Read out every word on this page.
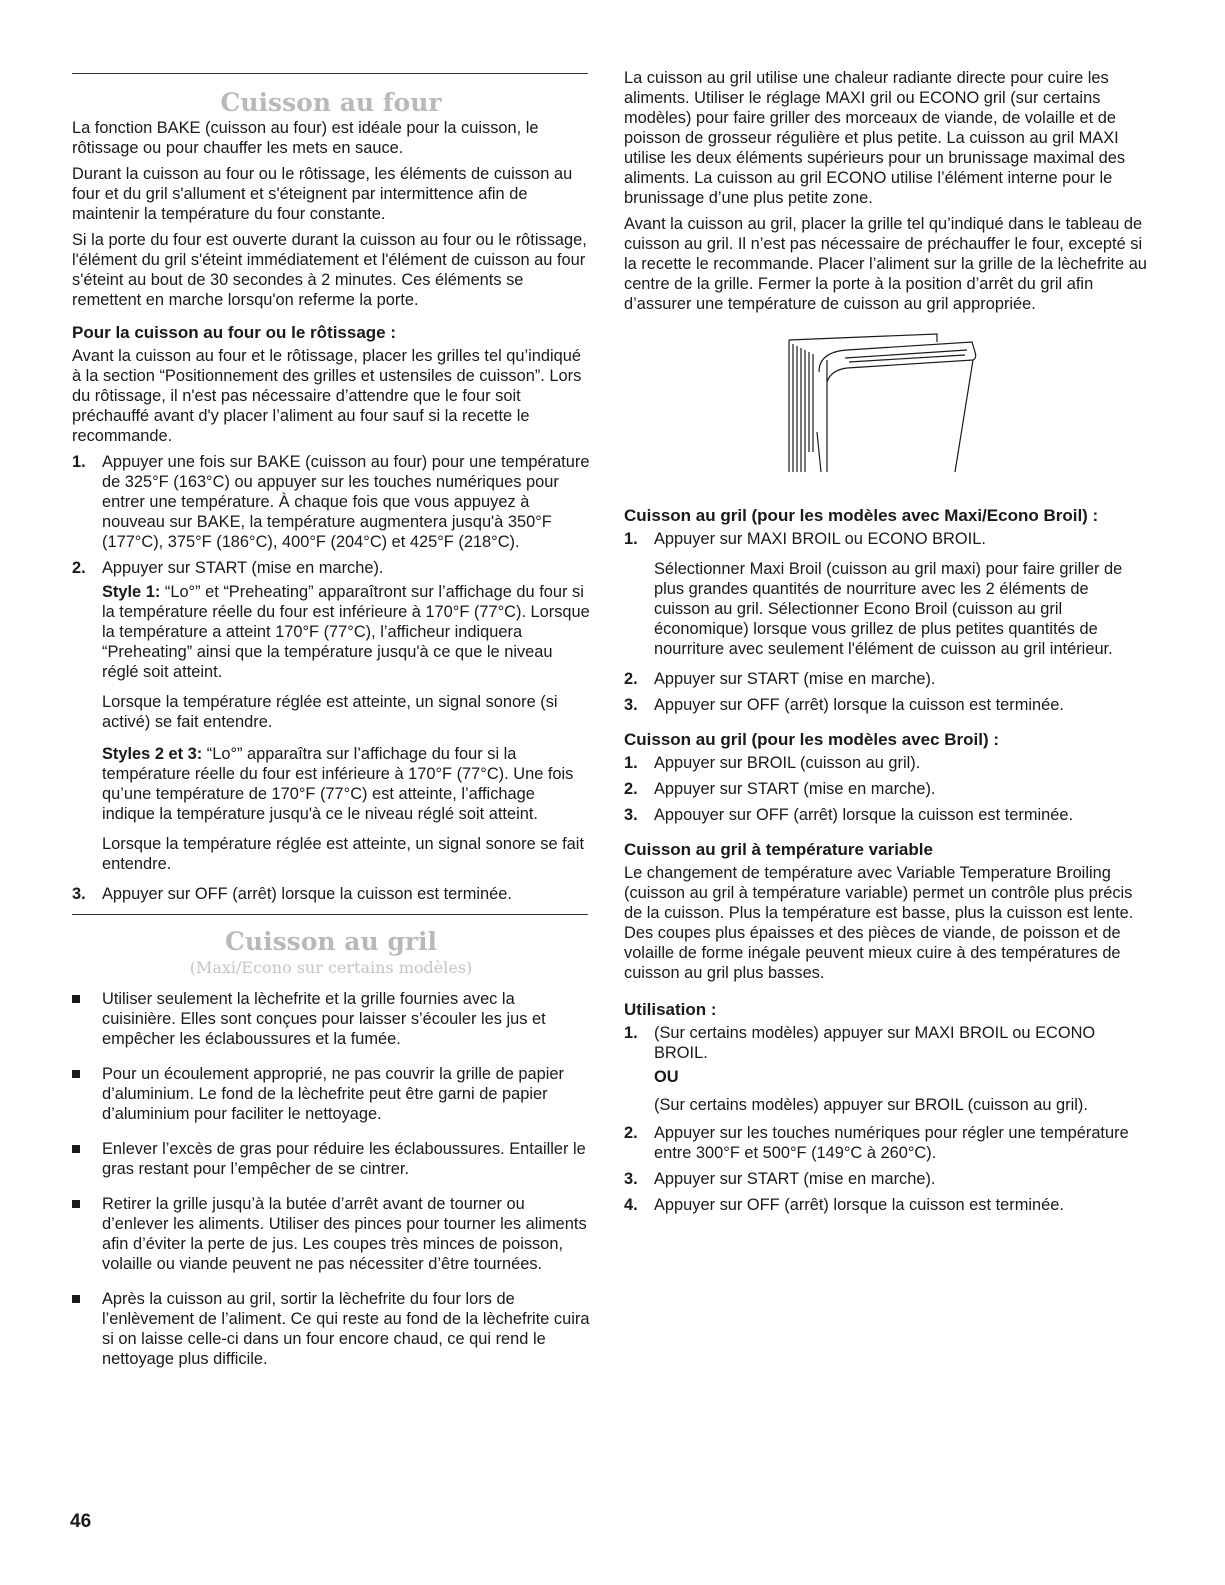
Cuisson au four

La fonction BAKE (cuisson au four) est idéale pour la cuisson, le rôtissage ou pour chauffer les mets en sauce.

Durant la cuisson au four ou le rôtissage, les éléments de cuisson au four et du gril s'allument et s'éteignent par intermittence afin de maintenir la température du four constante.

Si la porte du four est ouverte durant la cuisson au four ou le rôtissage, l'élément du gril s'éteint immédiatement et l'élément de cuisson au four s'éteint au bout de 30 secondes à 2 minutes. Ces éléments se remettent en marche lorsqu'on referme la porte.

Pour la cuisson au four ou le rôtissage :

Avant la cuisson au four et le rôtissage, placer les grilles tel qu’indiqué à la section “Positionnement des grilles et ustensiles de cuisson”. Lors du rôtissage, il n'est pas nécessaire d’attendre que le four soit préchauffé avant d'y placer l’aliment au four sauf si la recette le recommande.

1. Appuyer une fois sur BAKE (cuisson au four) pour une température de 325°F (163°C) ou appuyer sur les touches numériques pour entrer une température. À chaque fois que vous appuyez à nouveau sur BAKE, la température augmentera jusqu'à 350°F (177°C), 375°F (186°C), 400°F (204°C) et 425°F (218°C).

2. Appuyer sur START (mise en marche).

Style 1: “Lo°” et “Preheating” apparaîtront sur l’affichage du four si la température réelle du four est inférieure à 170°F (77°C). Lorsque la température a atteint 170°F (77°C), l’afficheur indiquera “Preheating” ainsi que la température jusqu'à ce que le niveau réglé soit atteint.

Lorsque la température réglée est atteinte, un signal sonore (si activé) se fait entendre.

Styles 2 et 3: “Lo°” apparaîtra sur l’affichage du four si la température réelle du four est inférieure à 170°F (77°C). Une fois qu’une température de 170°F (77°C) est atteinte, l’affichage indique la température jusqu'à ce le niveau réglé soit atteint.

Lorsque la température réglée est atteinte, un signal sonore se fait entendre.

3. Appuyer sur OFF (arrêt) lorsque la cuisson est terminée.

Cuisson au gril
(Maxi/Econo sur certains modèles)
Utiliser seulement la lèchefrite et la grille fournies avec la cuisinière. Elles sont conçues pour laisser s’écouler les jus et empêcher les éclaboussures et la fumée.
Pour un écoulement approprié, ne pas couvrir la grille de papier d’aluminium. Le fond de la lèchefrite peut être garni de papier d’aluminium pour faciliter le nettoyage.
Enlever l’excès de gras pour réduire les éclaboussures. Entailler le gras restant pour l’empêcher de se cintrer.
Retirer la grille jusqu’à la butée d’arrêt avant de tourner ou d’enlever les aliments. Utiliser des pinces pour tourner les aliments afin d’éviter la perte de jus. Les coupes très minces de poisson, volaille ou viande peuvent ne pas nécessiter d’être tournées.
Après la cuisson au gril, sortir la lèchefrite du four lors de l’enlèvement de l’aliment. Ce qui reste au fond de la lèchefrite cuira si on laisse celle-ci dans un four encore chaud, ce qui rend le nettoyage plus difficile.

La cuisson au gril utilise une chaleur radiante directe pour cuire les aliments. Utiliser le réglage MAXI gril ou ECONO gril (sur certains modèles) pour faire griller des morceaux de viande, de volaille et de poisson de grosseur régulière et plus petite. La cuisson au gril MAXI utilise les deux éléments supérieurs pour un brunissage maximal des aliments. La cuisson au gril ECONO utilise l’élément interne pour le brunissage d’une plus petite zone.

Avant la cuisson au gril, placer la grille tel qu’indiqué dans le tableau de cuisson au gril. Il n’est pas nécessaire de préchauffer le four, excepté si la recette le recommande. Placer l’aliment sur la grille de la lèchefrite au centre de la grille. Fermer la porte à la position d’arrêt du gril afin d’assurer une température de cuisson au gril appropriée.

Cuisson au gril (pour les modèles avec Maxi/Econo Broil) :
1. Appuyer sur MAXI BROIL ou ECONO BROIL.

Sélectionner Maxi Broil (cuisson au gril maxi) pour faire griller de plus grandes quantités de nourriture avec les 2 éléments de cuisson au gril. Sélectionner Econo Broil (cuisson au gril économique) lorsque vous grillez de plus petites quantités de nourriture avec seulement l'élément de cuisson au gril intérieur.

2. Appuyer sur START (mise en marche).

3. Appuyer sur OFF (arrêt) lorsque la cuisson est terminée.

Cuisson au gril (pour les modèles avec Broil) :
1. Appuyer sur BROIL (cuisson au gril).

2. Appuyer sur START (mise en marche).

3. Appouyer sur OFF (arrêt) lorsque la cuisson est terminée.

Cuisson au gril à température variable

Le changement de température avec Variable Temperature Broiling (cuisson au gril à température variable) permet un contrôle plus précis de la cuisson. Plus la température est basse, plus la cuisson est lente. Des coupes plus épaisses et des pièces de viande, de poisson et de volaille de forme inégale peuvent mieux cuire à des températures de cuisson au gril plus basses.

Utilisation :
1. (Sur certains modèles) appuyer sur MAXI BROIL ou ECONO BROIL.

OU

(Sur certains modèles) appuyer sur BROIL (cuisson au gril).

2. Appuyer sur les touches numériques pour régler une température entre 300°F et 500°F (149°C à 260°C).

3. Appuyer sur START (mise en marche).

4. Appuyer sur OFF (arrêt) lorsque la cuisson est terminée.

46
